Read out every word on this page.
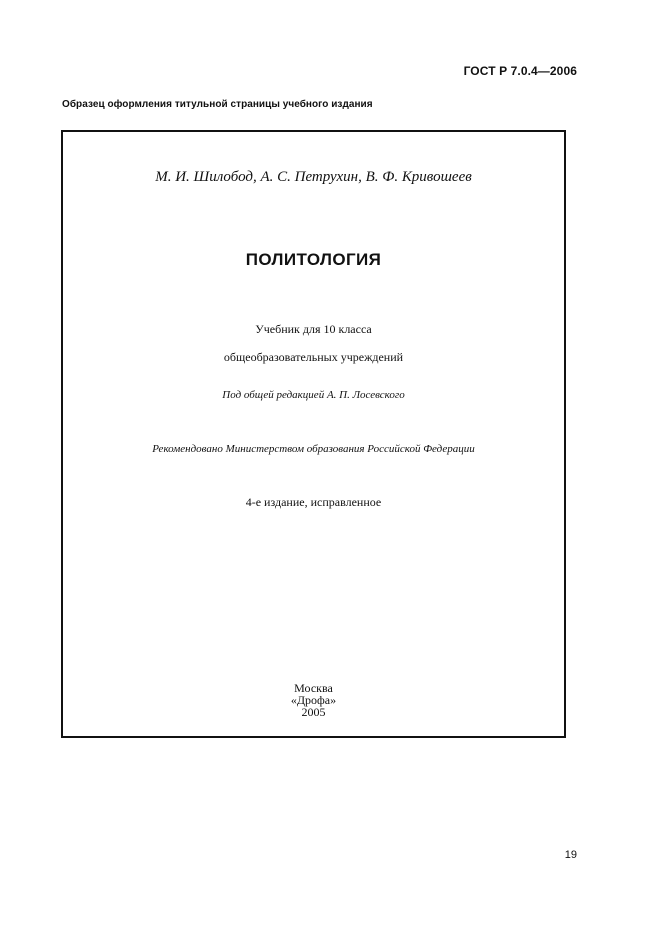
ГОСТ Р 7.0.4—2006
Образец оформления титульной страницы учебного издания
М. И. Шилобод, А. С. Петрухин, В. Ф. Кривошеев
ПОЛИТОЛОГИЯ
Учебник для 10 класса
общеобразовательных учреждений
Под общей редакцией А. П. Лосевского
Рекомендовано Министерством образования Российской Федерации
4-е издание, исправленное
Москва
«Дрофа»
2005
19
